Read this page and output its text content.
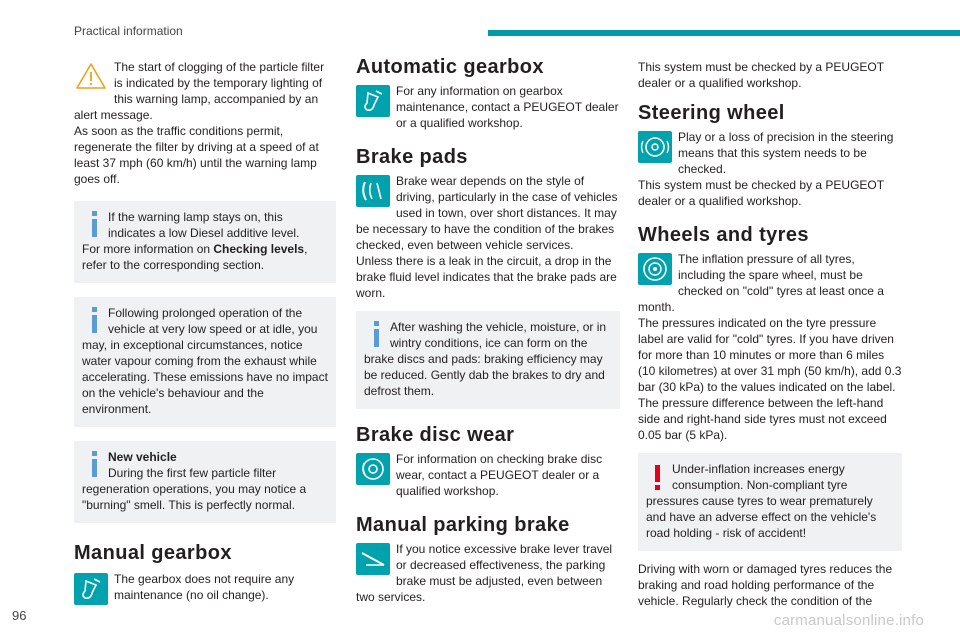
Practical information

The start of clogging of the particle filter is indicated by the temporary lighting of this warning lamp, accompanied by an alert message.

As soon as the traffic conditions permit, regenerate the filter by driving at a speed of at least 37 mph (60 km/h) until the warning lamp goes off.

If the warning lamp stays on, this indicates a low Diesel additive level.
For more information on Checking levels, refer to the corresponding section.
Following prolonged operation of the vehicle at very low speed or at idle, you may, in exceptional circumstances, notice water vapour coming from the exhaust while accelerating. These emissions have no impact on the vehicle's behaviour and the environment.
New vehicle
During the first few particle filter regeneration operations, you may notice a "burning" smell. This is perfectly normal.
Manual gearbox

The gearbox does not require any maintenance (no oil change).

Automatic gearbox

For any information on gearbox maintenance, contact a PEUGEOT dealer or a qualified workshop.

Brake pads

Brake wear depends on the style of driving, particularly in the case of vehicles used in town, over short distances. It may be necessary to have the condition of the brakes checked, even between vehicle services.

Unless there is a leak in the circuit, a drop in the brake fluid level indicates that the brake pads are worn.

After washing the vehicle, moisture, or in wintry conditions, ice can form on the brake discs and pads: braking efficiency may be reduced. Gently dab the brakes to dry and defrost them.
Brake disc wear

For information on checking brake disc wear, contact a PEUGEOT dealer or a qualified workshop.

Manual parking brake

If you notice excessive brake lever travel or decreased effectiveness, the parking brake must be adjusted, even between two services.

This system must be checked by a PEUGEOT dealer or a qualified workshop.

Steering wheel

Play or a loss of precision in the steering means that this system needs to be checked.

This system must be checked by a PEUGEOT dealer or a qualified workshop.

Wheels and tyres

The inflation pressure of all tyres, including the spare wheel, must be checked on "cold" tyres at least once a month.

The pressures indicated on the tyre pressure label are valid for "cold" tyres. If you have driven for more than 10 minutes or more than 6 miles (10 kilometres) at over 31 mph (50 km/h), add 0.3 bar (30 kPa) to the values indicated on the label.

The pressure difference between the left-hand side and right-hand side tyres must not exceed 0.05 bar (5 kPa).

Under-inflation increases energy consumption. Non-compliant tyre pressures cause tyres to wear prematurely and have an adverse effect on the vehicle's road holding - risk of accident!

Driving with worn or damaged tyres reduces the braking and road holding performance of the vehicle. Regularly check the condition of the

96	carmanualsonline.info
